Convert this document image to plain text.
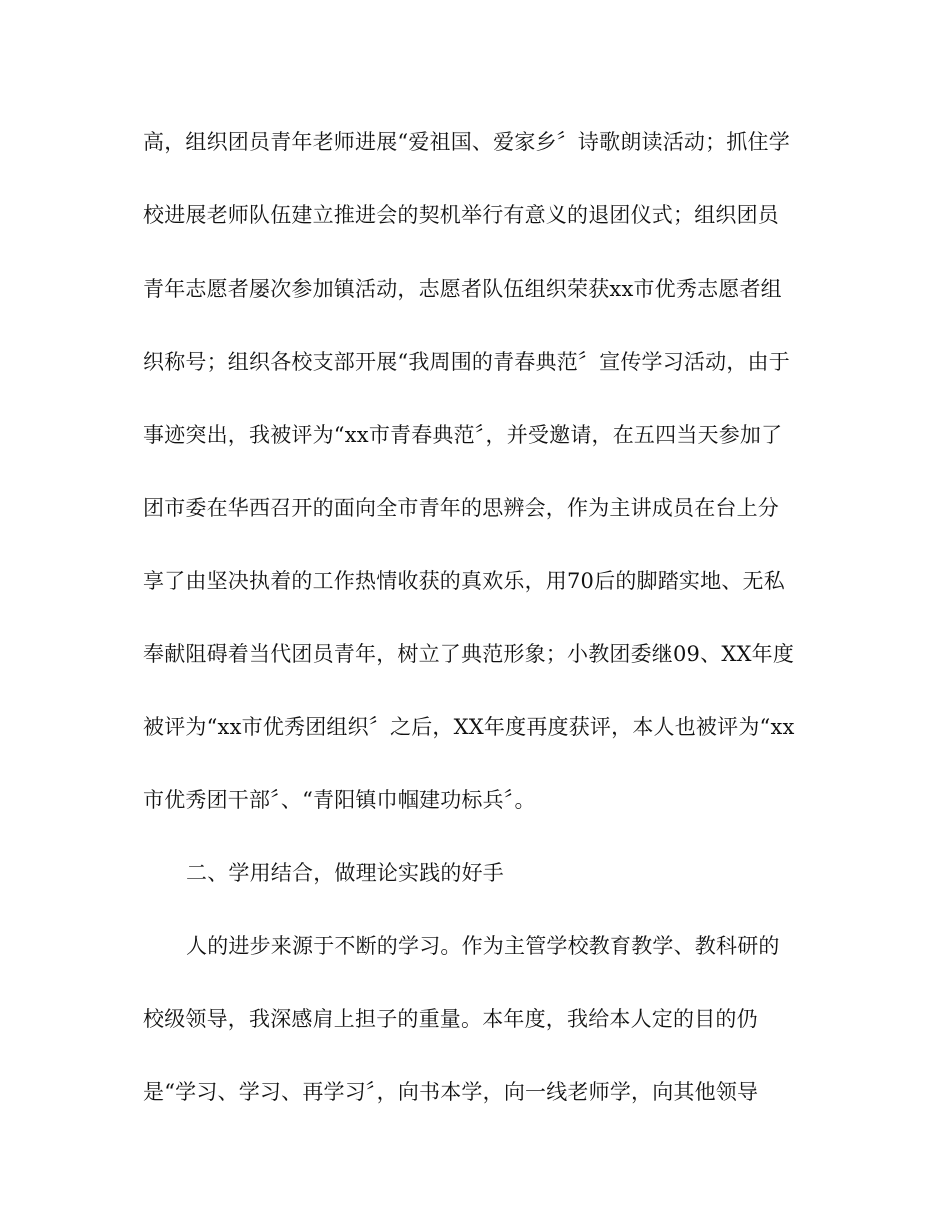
高，组织团员青年老师进展“爱祖国、爱家乡〞诗歌朗读活动；抓住学
校进展老师队伍建立推进会的契机举行有意义的退团仪式；组织团员
青年志愿者屡次参加镇活动，志愿者队伍组织荣获xx市优秀志愿者组
织称号；组织各校支部开展“我周围的青春典范〞宣传学习活动，由于
事迹突出，我被评为“xx市青春典范〞，并受邀请，在五四当天参加了
团市委在华西召开的面向全市青年的思辨会，作为主讲成员在台上分
享了由坚决执着的工作热情收获的真欢乐，用70后的脚踏实地、无私
奉献阻碍着当代团员青年，树立了典范形象；小教团委继09、XX年度
被评为“xx市优秀团组织〞之后，XX年度再度获评，本人也被评为“xx
市优秀团干部〞、“青阳镇巾帼建功标兵〞。
二、学用结合，做理论实践的好手
人的进步来源于不断的学习。作为主管学校教育教学、教科研的
校级领导，我深感肩上担子的重量。本年度，我给本人定的目的仍
是“学习、学习、再学习〞，向书本学，向一线老师学，向其他领导
